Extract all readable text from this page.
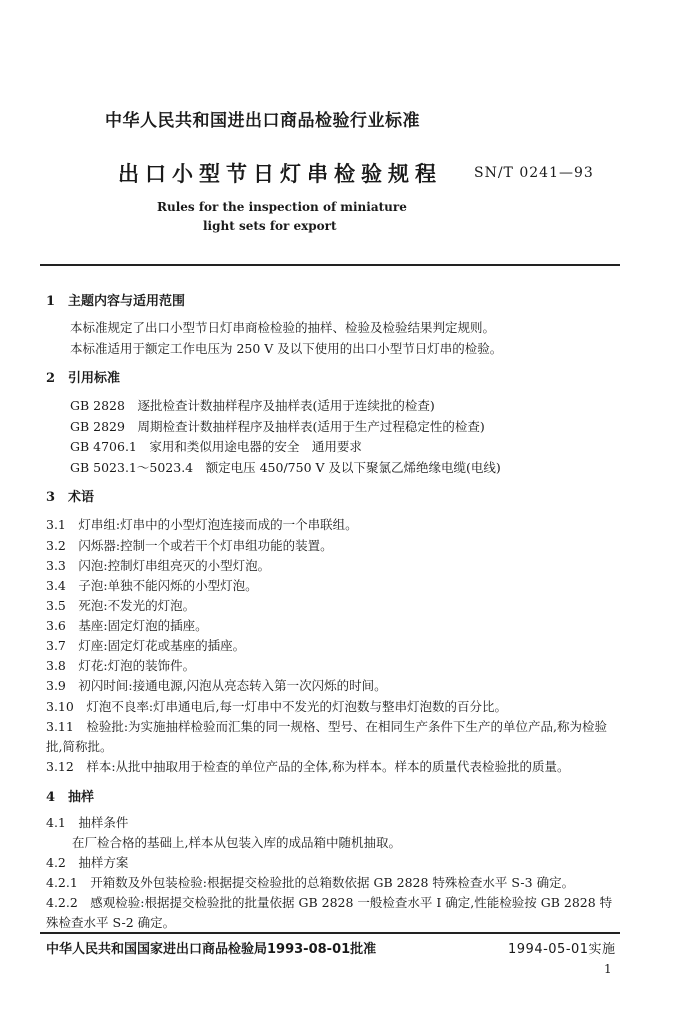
中华人民共和国进出口商品检验行业标准
出口小型节日灯串检验规程 SN/T 0241—93
Rules for the inspection of miniature
light sets for export
1　主题内容与适用范围
本标准规定了出口小型节日灯串商检检验的抽样、检验及检验结果判定规则。
本标准适用于额定工作电压为 250 V 及以下使用的出口小型节日灯串的检验。
2　引用标准
GB 2828　逐批检查计数抽样程序及抽样表(适用于连续批的检查)
GB 2829　周期检查计数抽样程序及抽样表(适用于生产过程稳定性的检查)
GB 4706.1　家用和类似用途电器的安全　通用要求
GB 5023.1～5023.4　额定电压 450/750 V 及以下聚氯乙烯绝缘电缆(电线)
3　术语
3.1　灯串组:灯串中的小型灯泡连接而成的一个串联组。
3.2　闪烁器:控制一个或若干个灯串组功能的装置。
3.3　闪泡:控制灯串组亮灭的小型灯泡。
3.4　子泡:单独不能闪烁的小型灯泡。
3.5　死泡:不发光的灯泡。
3.6　基座:固定灯泡的插座。
3.7　灯座:固定灯花或基座的插座。
3.8　灯花:灯泡的装饰件。
3.9　初闪时间:接通电源,闪泡从亮态转入第一次闪烁的时间。
3.10　灯泡不良率:灯串通电后,每一灯串中不发光的灯泡数与整串灯泡数的百分比。
3.11　检验批:为实施抽样检验而汇集的同一规格、型号、在相同生产条件下生产的单位产品,称为检验
批,简称批。
3.12　样本:从批中抽取用于检查的单位产品的全体,称为样本。样本的质量代表检验批的质量。
4　抽样
4.1　抽样条件
在厂检合格的基础上,样本从包装入库的成品箱中随机抽取。
4.2　抽样方案
4.2.1　开箱数及外包装检验:根据提交检验批的总箱数依据 GB 2828 特殊检查水平 S-3 确定。
4.2.2　感观检验:根据提交检验批的批量依据 GB 2828 一般检查水平 I 确定,性能检验按 GB 2828 特
殊检查水平 S-2 确定。
中华人民共和国国家进出口商品检验局1993-08-01批准	1994-05-01实施
1
